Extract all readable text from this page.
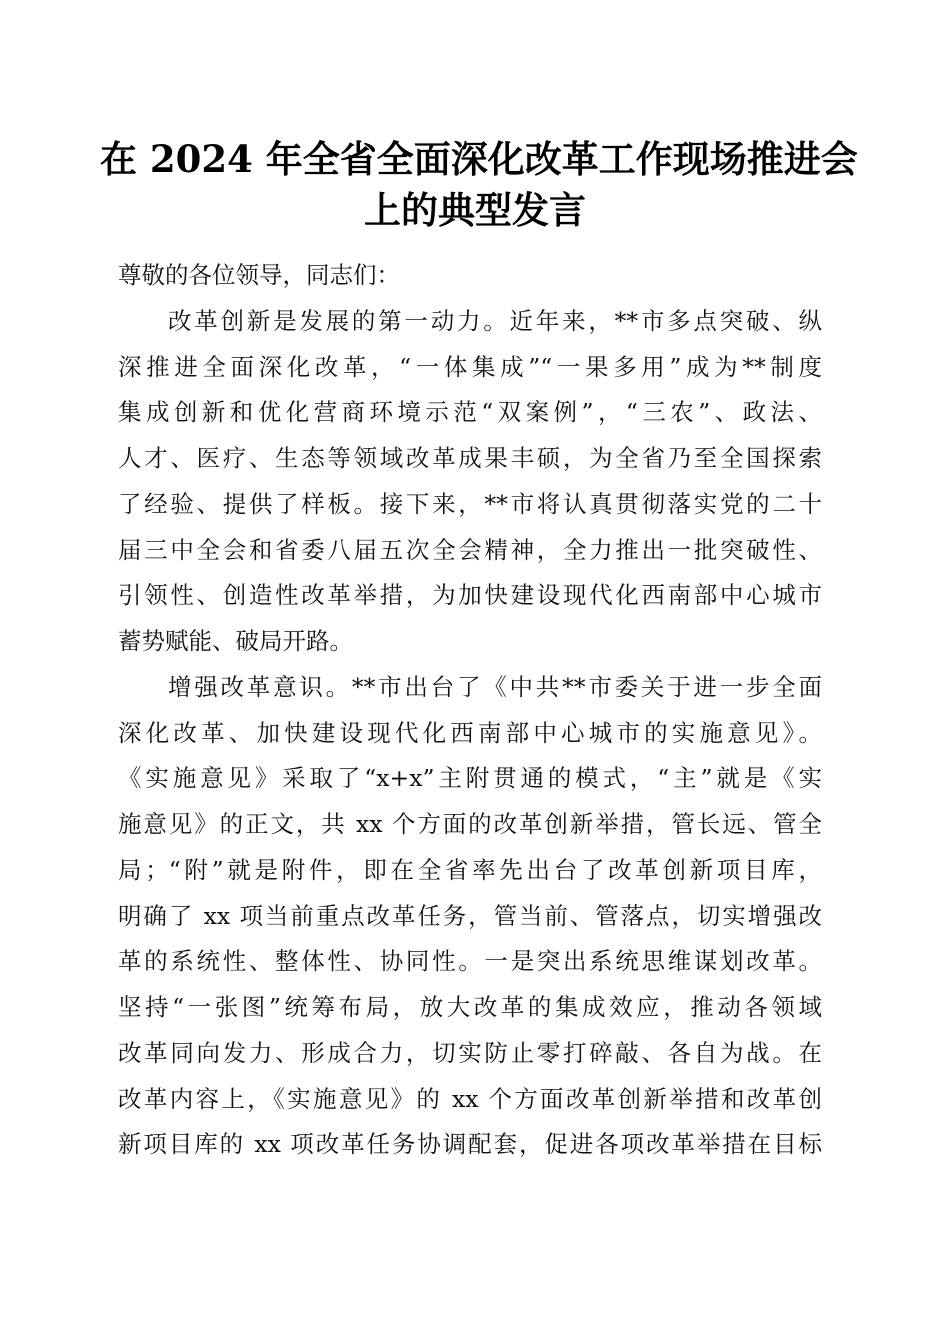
在 2024 年全省全面深化改革工作现场推进会
上的典型发言
尊敬的各位领导，同志们：
改革创新是发展的第一动力。近年来，**市多点突破、纵
深推进全面深化改革，“一体集成”“一果多用”成为**制度
集成创新和优化营商环境示范“双案例”，“三农”、政法、
人才、医疗、生态等领域改革成果丰硕，为全省乃至全国探索
了经验、提供了样板。接下来，**市将认真贯彻落实党的二十
届三中全会和省委八届五次全会精神，全力推出一批突破性、
引领性、创造性改革举措，为加快建设现代化西南部中心城市
蓄势赋能、破局开路。
增强改革意识。**市出台了《中共**市委关于进一步全面
深化改革、加快建设现代化西南部中心城市的实施意见》。
《实施意见》采取了“x+x”主附贯通的模式，“主”就是《实
施意见》的正文，共 xx 个方面的改革创新举措，管长远、管全
局；“附”就是附件，即在全省率先出台了改革创新项目库，
明确了 xx 项当前重点改革任务，管当前、管落点，切实增强改
革的系统性、整体性、协同性。一是突出系统思维谋划改革。
坚持“一张图”统筹布局，放大改革的集成效应，推动各领域
改革同向发力、形成合力，切实防止零打碎敲、各自为战。在
改革内容上，《实施意见》的 xx 个方面改革创新举措和改革创
新项目库的 xx 项改革任务协调配套，促进各项改革举措在目标
